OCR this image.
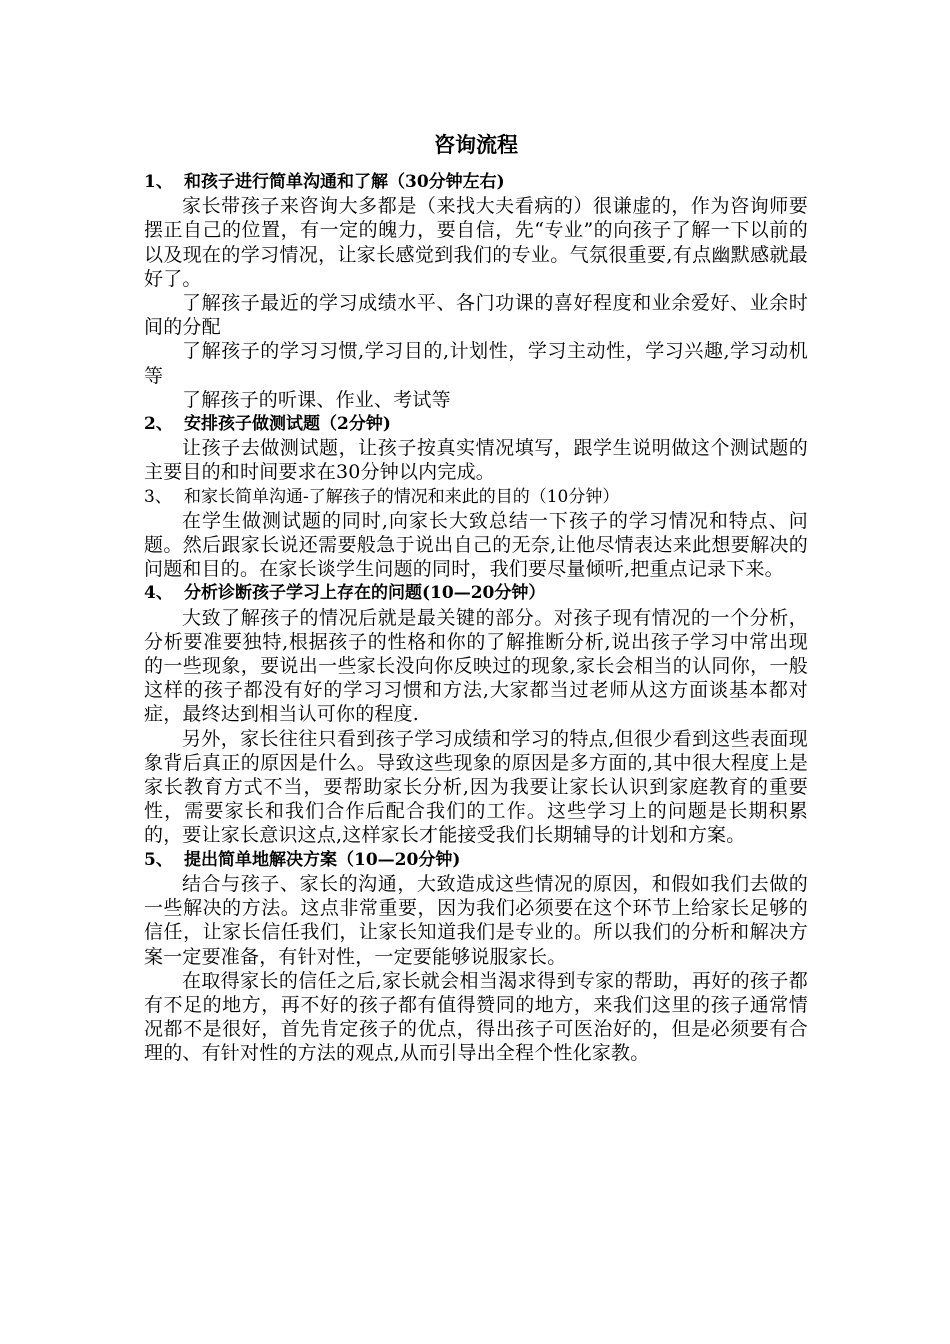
咨询流程

1、 和孩子进行简单沟通和了解（30分钟左右)

家长带孩子来咨询大多都是（来找大夫看病的）很谦虚的，作为咨询师要摆正自己的位置，有一定的魄力，要自信，先“专业”的向孩子了解一下以前的以及现在的学习情况，让家长感觉到我们的专业。气氛很重要,有点幽默感就最好了。

了解孩子最近的学习成绩水平、各门功课的喜好程度和业余爱好、业余时间的分配

了解孩子的学习习惯,学习目的,计划性，学习主动性，学习兴趣,学习动机等

了解孩子的听课、作业、考试等

2、 安排孩子做测试题（2分钟)

让孩子去做测试题，让孩子按真实情况填写，跟学生说明做这个测试题的主要目的和时间要求在30分钟以内完成。

3、 和家长简单沟通-了解孩子的情况和来此的目的（10分钟）

在学生做测试题的同时,向家长大致总结一下孩子的学习情况和特点、问题。然后跟家长说还需要般急于说出自己的无奈,让他尽情表达来此想要解决的问题和目的。在家长谈学生问题的同时，我们要尽量倾听,把重点记录下来。

4、 分析诊断孩子学习上存在的问题(10—20分钟）

大致了解孩子的情况后就是最关键的部分。对孩子现有情况的一个分析，分析要准要独特,根据孩子的性格和你的了解推断分析,说出孩子学习中常出现的一些现象，要说出一些家长没向你反映过的现象,家长会相当的认同你，一般这样的孩子都没有好的学习习惯和方法,大家都当过老师从这方面谈基本都对症，最终达到相当认可你的程度.

另外，家长往往只看到孩子学习成绩和学习的特点,但很少看到这些表面现象背后真正的原因是什么。导致这些现象的原因是多方面的,其中很大程度上是家长教育方式不当，要帮助家长分析,因为我要让家长认识到家庭教育的重要性，需要家长和我们合作后配合我们的工作。这些学习上的问题是长期积累的，要让家长意识这点,这样家长才能接受我们长期辅导的计划和方案。

5、 提出简单地解决方案（10—20分钟)

结合与孩子、家长的沟通，大致造成这些情况的原因，和假如我们去做的一些解决的方法。这点非常重要，因为我们必须要在这个环节上给家长足够的信任，让家长信任我们，让家长知道我们是专业的。所以我们的分析和解决方案一定要准备，有针对性，一定要能够说服家长。

在取得家长的信任之后,家长就会相当渴求得到专家的帮助，再好的孩子都有不足的地方，再不好的孩子都有值得赞同的地方，来我们这里的孩子通常情况都不是很好，首先肯定孩子的优点，得出孩子可医治好的，但是必须要有合理的、有针对性的方法的观点,从而引导出全程个性化家教。
